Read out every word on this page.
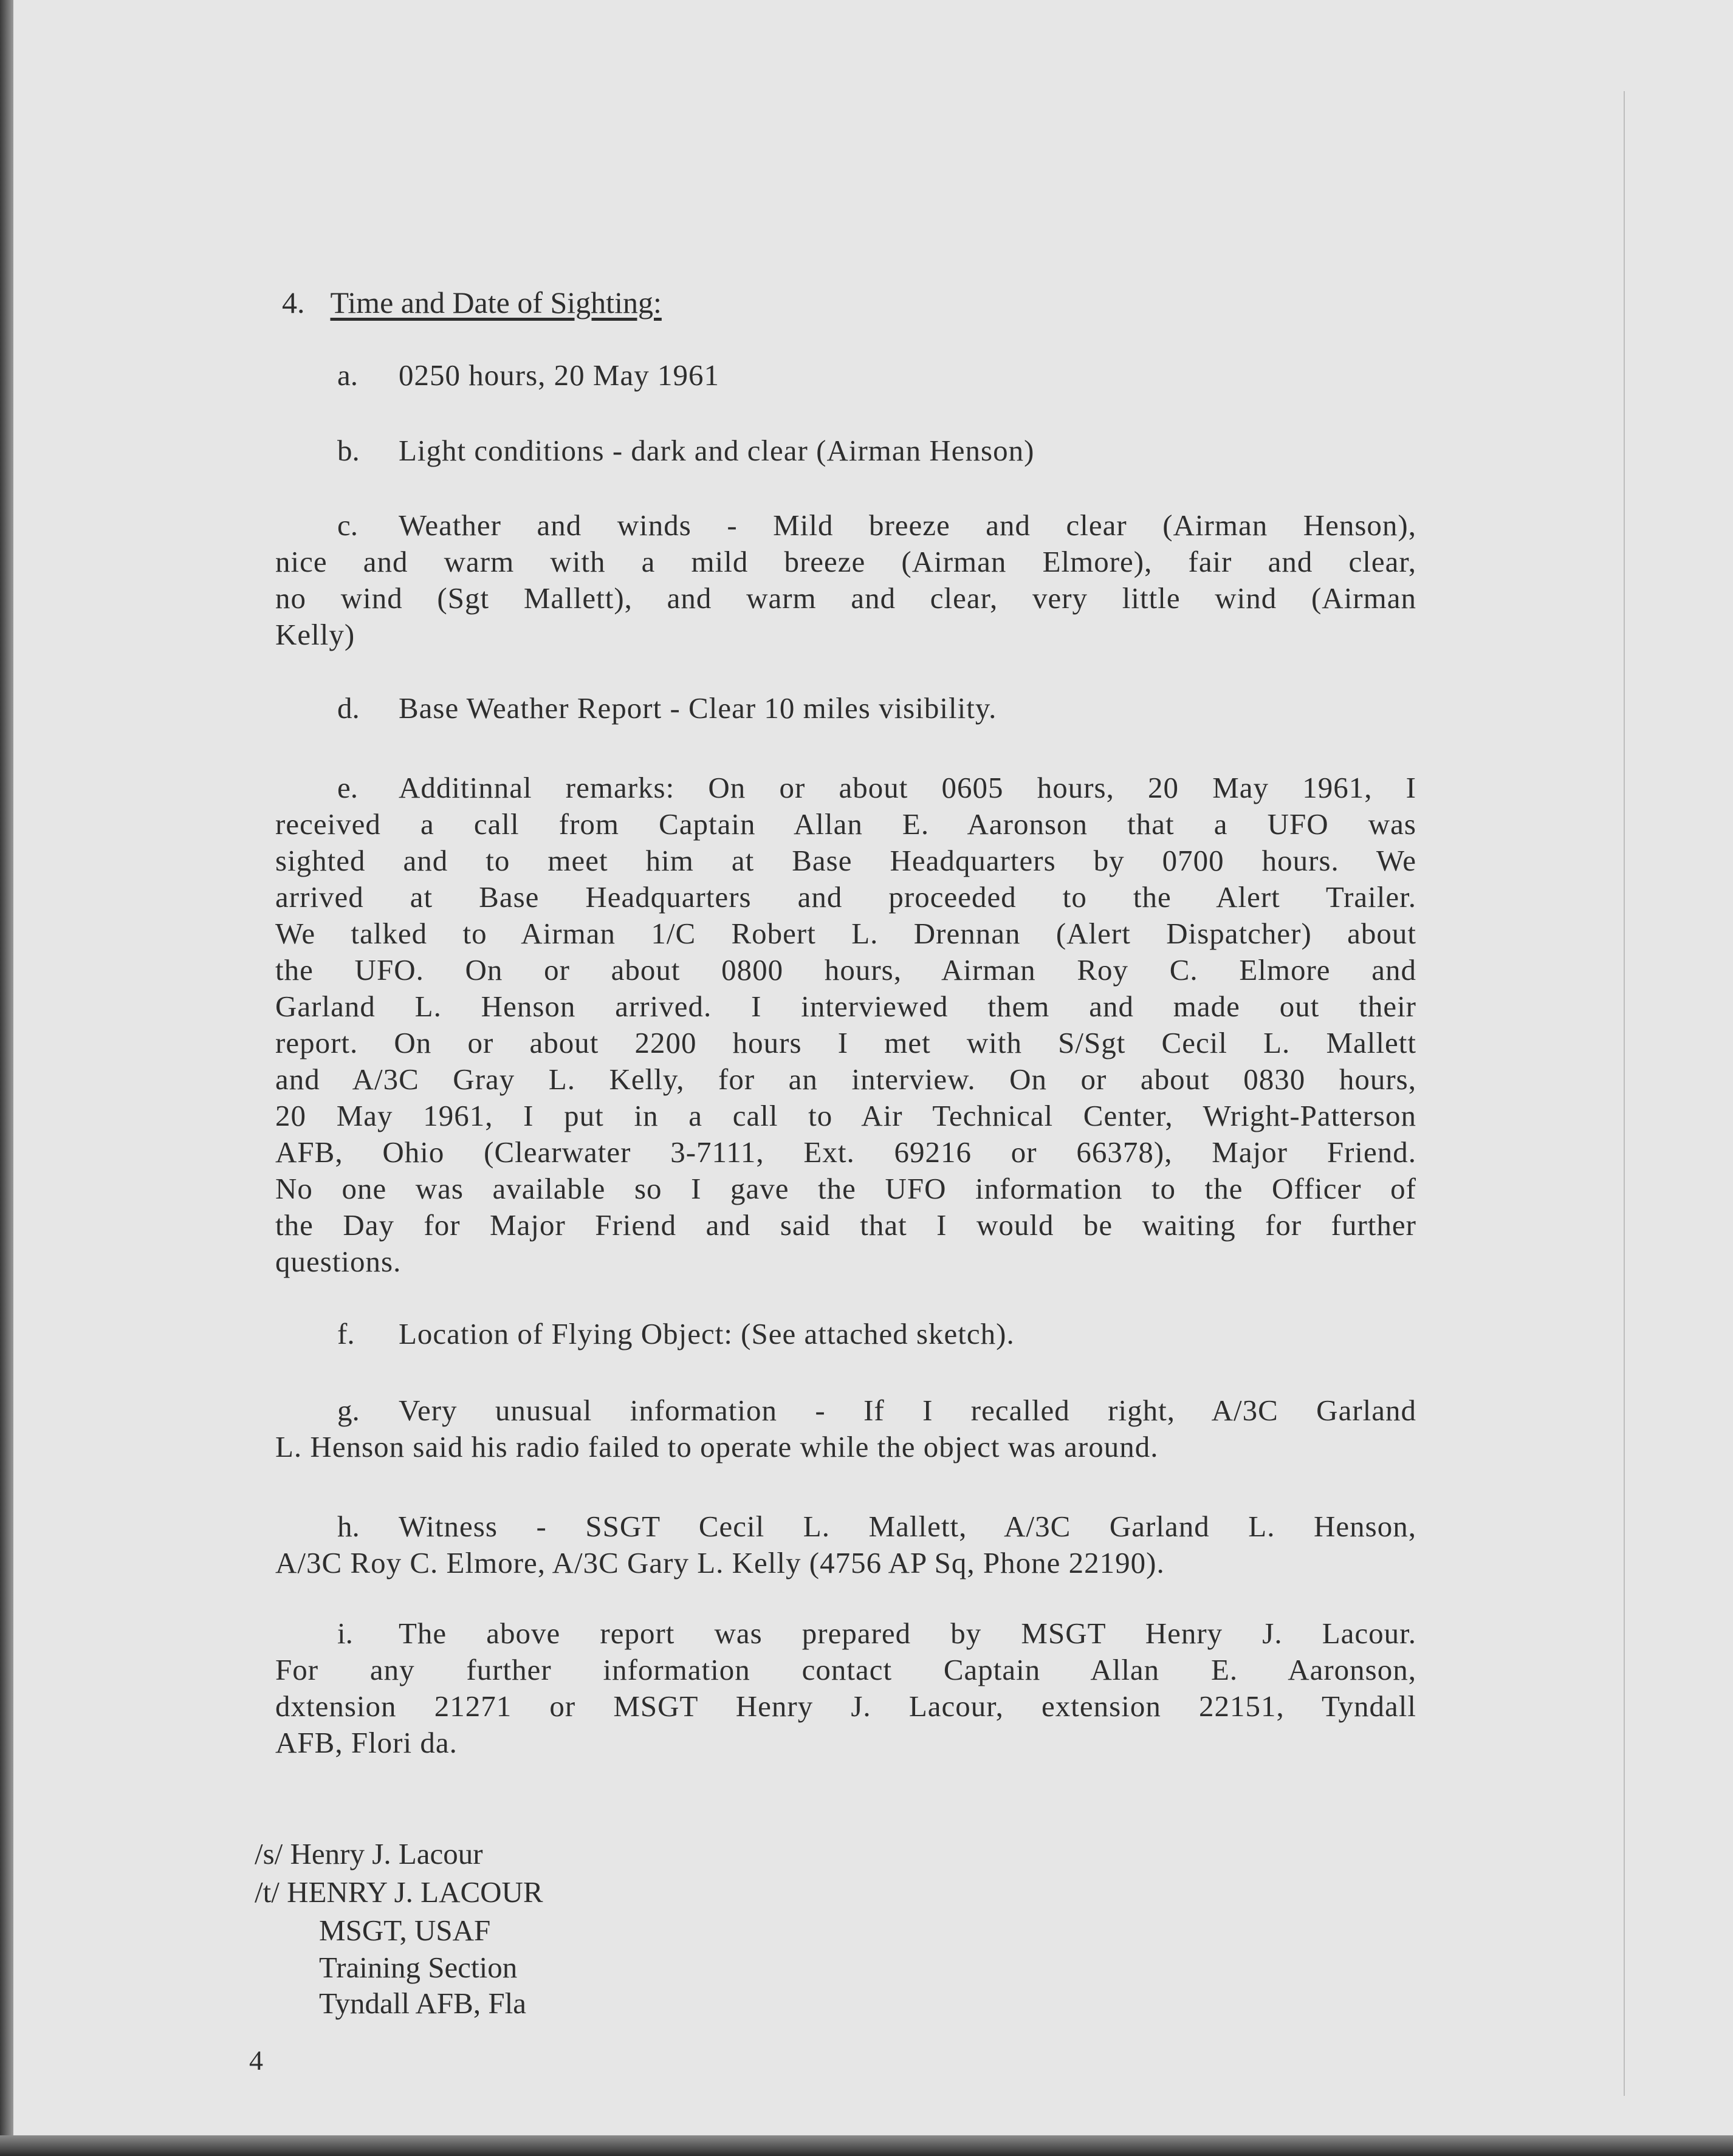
4. Time and Date of Sighting:
a. 0250 hours, 20 May 1961
b. Light conditions - dark and clear (Airman Henson)
c. Weather and winds - Mild breeze and clear (Airman Henson),
nice and warm with a mild breeze (Airman Elmore), fair and clear,
no wind (Sgt Mallett), and warm and clear, very little wind (Airman
Kelly)
d. Base Weather Report - Clear 10 miles visibility.
e. Additinnal remarks: On or about 0605 hours, 20 May 1961, I
received a call from Captain Allan E. Aaronson that a UFO was
sighted and to meet him at Base Headquarters by 0700 hours. We
arrived at Base Headquarters and proceeded to the Alert Trailer.
We talked to Airman 1/C Robert L. Drennan (Alert Dispatcher) about
the UFO. On or about 0800 hours, Airman Roy C. Elmore and
Garland L. Henson arrived. I interviewed them and made out their
report. On or about 2200 hours I met with S/Sgt Cecil L. Mallett
and A/3C Gray L. Kelly, for an interview. On or about 0830 hours,
20 May 1961, I put in a call to Air Technical Center, Wright-Patterson
AFB, Ohio (Clearwater 3-7111, Ext. 69216 or 66378), Major Friend.
No one was available so I gave the UFO information to the Officer of
the Day for Major Friend and said that I would be waiting for further
questions.
f. Location of Flying Object: (See attached sketch).
g. Very unusual information - If I recalled right, A/3C Garland
L. Henson said his radio failed to operate while the object was around.
h. Witness - SSGT Cecil L. Mallett, A/3C Garland L. Henson,
A/3C Roy C. Elmore, A/3C Gary L. Kelly (4756 AP Sq, Phone 22190).
i. The above report was prepared by MSGT Henry J. Lacour.
For any further information contact Captain Allan E. Aaronson,
dxtension 21271 or MSGT Henry J. Lacour, extension 22151, Tyndall
AFB, Flori da.
/s/ Henry J. Lacour
/t/ HENRY J. LACOUR
MSGT, USAF
Training Section
Tyndall AFB, Fla
4
